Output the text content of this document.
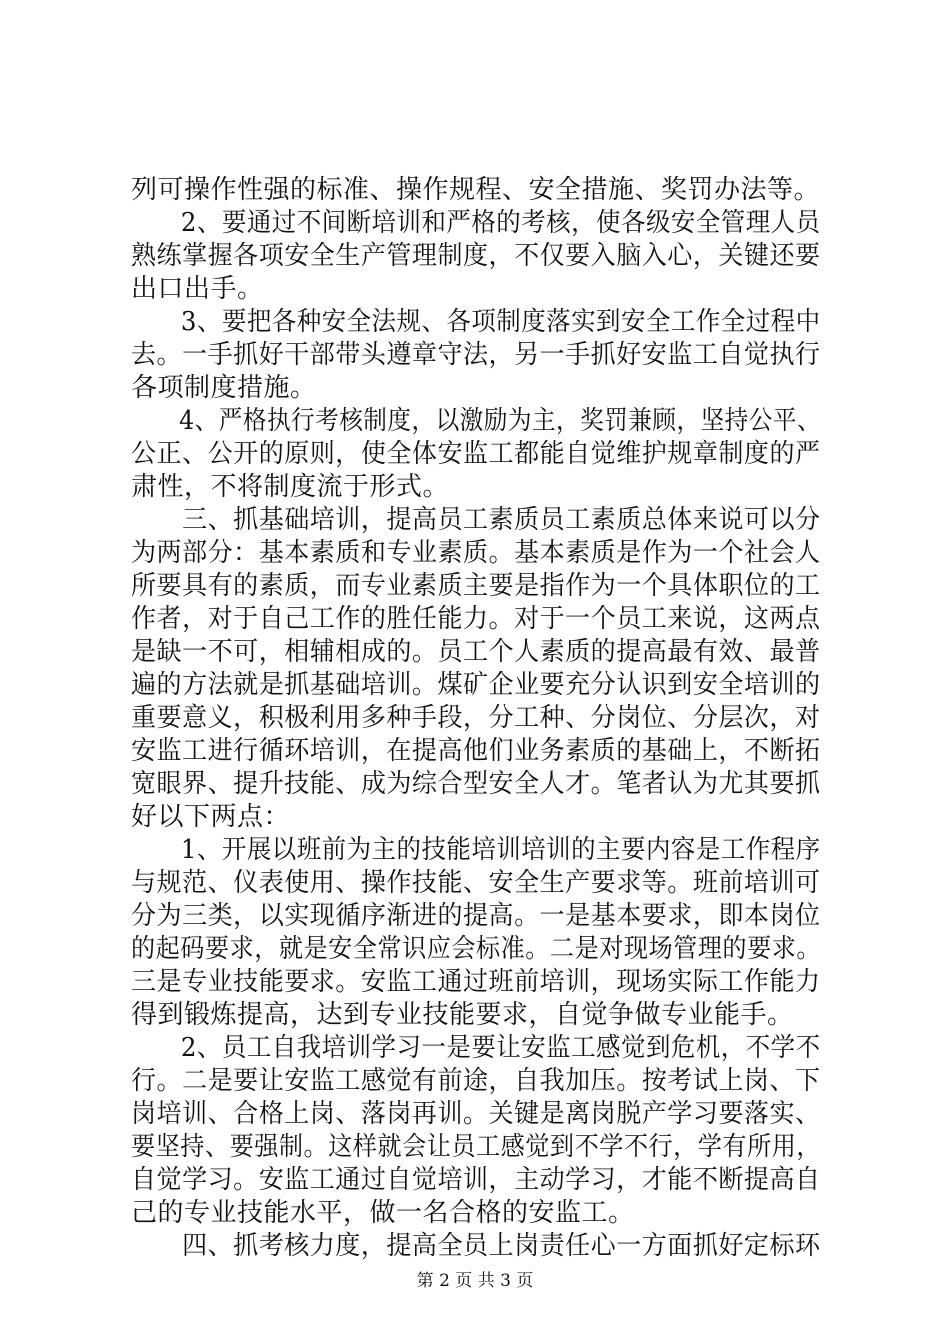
列可操作性强的标准、操作规程、安全措施、奖罚办法等。
　　2、要通过不间断培训和严格的考核，使各级安全管理人员
熟练掌握各项安全生产管理制度，不仅要入脑入心，关键还要
出口出手。
　　3、要把各种安全法规、各项制度落实到安全工作全过程中
去。一手抓好干部带头遵章守法，另一手抓好安监工自觉执行
各项制度措施。
　　4、严格执行考核制度，以激励为主，奖罚兼顾，坚持公平、
公正、公开的原则，使全体安监工都能自觉维护规章制度的严
肃性，不将制度流于形式。
　　三、抓基础培训，提高员工素质员工素质总体来说可以分
为两部分：基本素质和专业素质。基本素质是作为一个社会人
所要具有的素质，而专业素质主要是指作为一个具体职位的工
作者，对于自己工作的胜任能力。对于一个员工来说，这两点
是缺一不可，相辅相成的。员工个人素质的提高最有效、最普
遍的方法就是抓基础培训。煤矿企业要充分认识到安全培训的
重要意义，积极利用多种手段，分工种、分岗位、分层次，对
安监工进行循环培训，在提高他们业务素质的基础上，不断拓
宽眼界、提升技能、成为综合型安全人才。笔者认为尤其要抓
好以下两点：
　　1、开展以班前为主的技能培训培训的主要内容是工作程序
与规范、仪表使用、操作技能、安全生产要求等。班前培训可
分为三类，以实现循序渐进的提高。一是基本要求，即本岗位
的起码要求，就是安全常识应会标准。二是对现场管理的要求。
三是专业技能要求。安监工通过班前培训，现场实际工作能力
得到锻炼提高，达到专业技能要求，自觉争做专业能手。
　　2、员工自我培训学习一是要让安监工感觉到危机，不学不
行。二是要让安监工感觉有前途，自我加压。按考试上岗、下
岗培训、合格上岗、落岗再训。关键是离岗脱产学习要落实、
要坚持、要强制。这样就会让员工感觉到不学不行，学有所用，
自觉学习。安监工通过自觉培训，主动学习，才能不断提高自
己的专业技能水平，做一名合格的安监工。
　　四、抓考核力度，提高全员上岗责任心一方面抓好定标环
第 2 页 共 3 页
